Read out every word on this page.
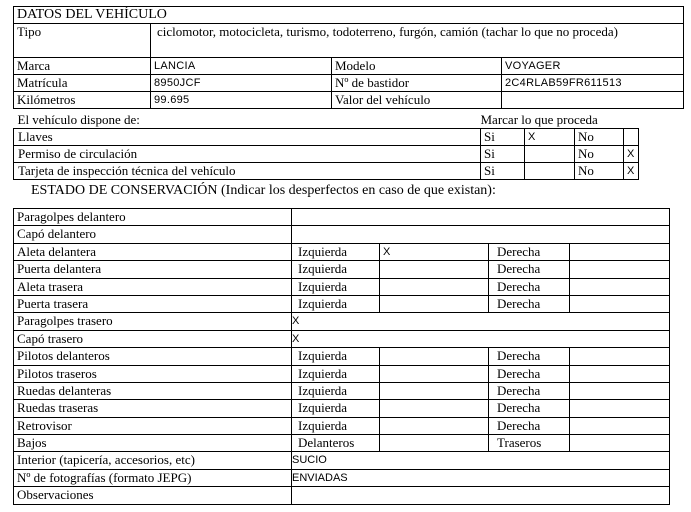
DATOS DEL VEHÍCULO			
Tipo	ciclomotor, motocicleta, turismo, todoterreno, furgón, camión (tachar lo que no proceda)		
Marca	LANCIA	Modelo	VOYAGER
Matrícula	8950JCF	Nº de bastidor	2C4RLAB59FR611513
Kilómetros	99.695	Valor del vehículo	
El vehículo dispone de:	Marcar lo que proceda			
Llaves	Si	X	No	
Permiso de circulación	Si		No	X
Tarjeta de inspección técnica del vehículo	Si		No	X
ESTADO DE CONSERVACIÓN (Indicar los desperfectos en caso de que existan):
Paragolpes delantero				
Capó delantero				
Aleta delantera	Izquierda	X	Derecha	
Puerta delantera	Izquierda		Derecha	
Aleta trasera	Izquierda		Derecha	
Puerta trasera	Izquierda		Derecha	
Paragolpes trasero	X			
Capó trasero	X			
Pilotos delanteros	Izquierda		Derecha	
Pilotos traseros	Izquierda		Derecha	
Ruedas delanteras	Izquierda		Derecha	
Ruedas traseras	Izquierda		Derecha	
Retrovisor	Izquierda		Derecha	
Bajos	Delanteros		Traseros	
Interior (tapicería, accesorios, etc)	SUCIO			
Nº de fotografías (formato JEPG)	ENVIADAS			
Observaciones				
